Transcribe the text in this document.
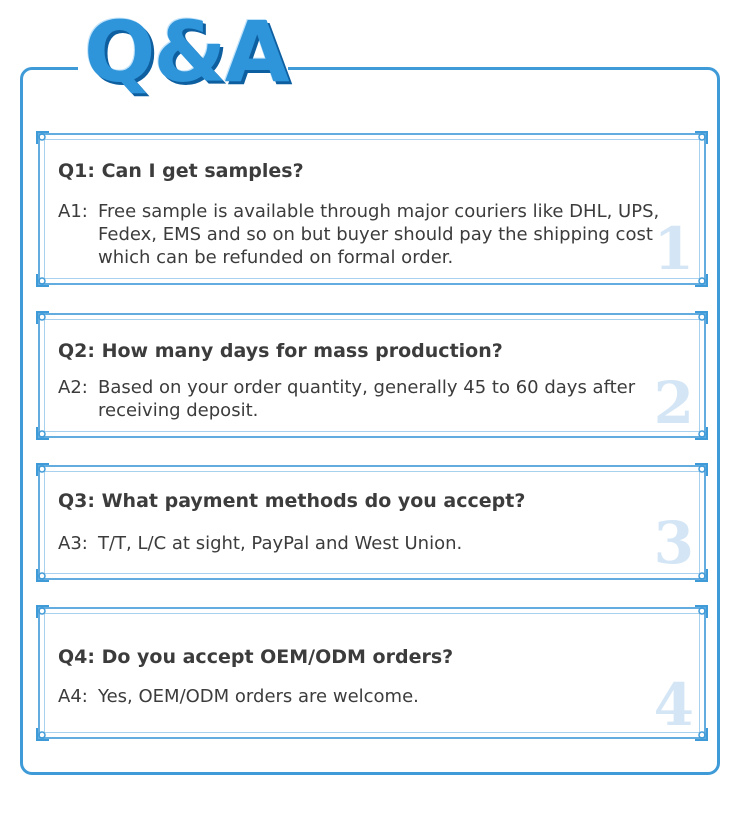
Q&A
Q1: Can I get samples?
A1: Free sample is available through major couriers like DHL, UPS, Fedex, EMS and so on but buyer should pay the shipping cost which can be refunded on formal order.	1
Q2: How many days for mass production?
A2: Based on your order quantity, generally 45 to 60 days after receiving deposit.	2
Q3: What payment methods do you accept?
A3: T/T, L/C at sight, PayPal and West Union.	3
Q4: Do you accept OEM/ODM orders?
A4: Yes, OEM/ODM orders are welcome.	4
